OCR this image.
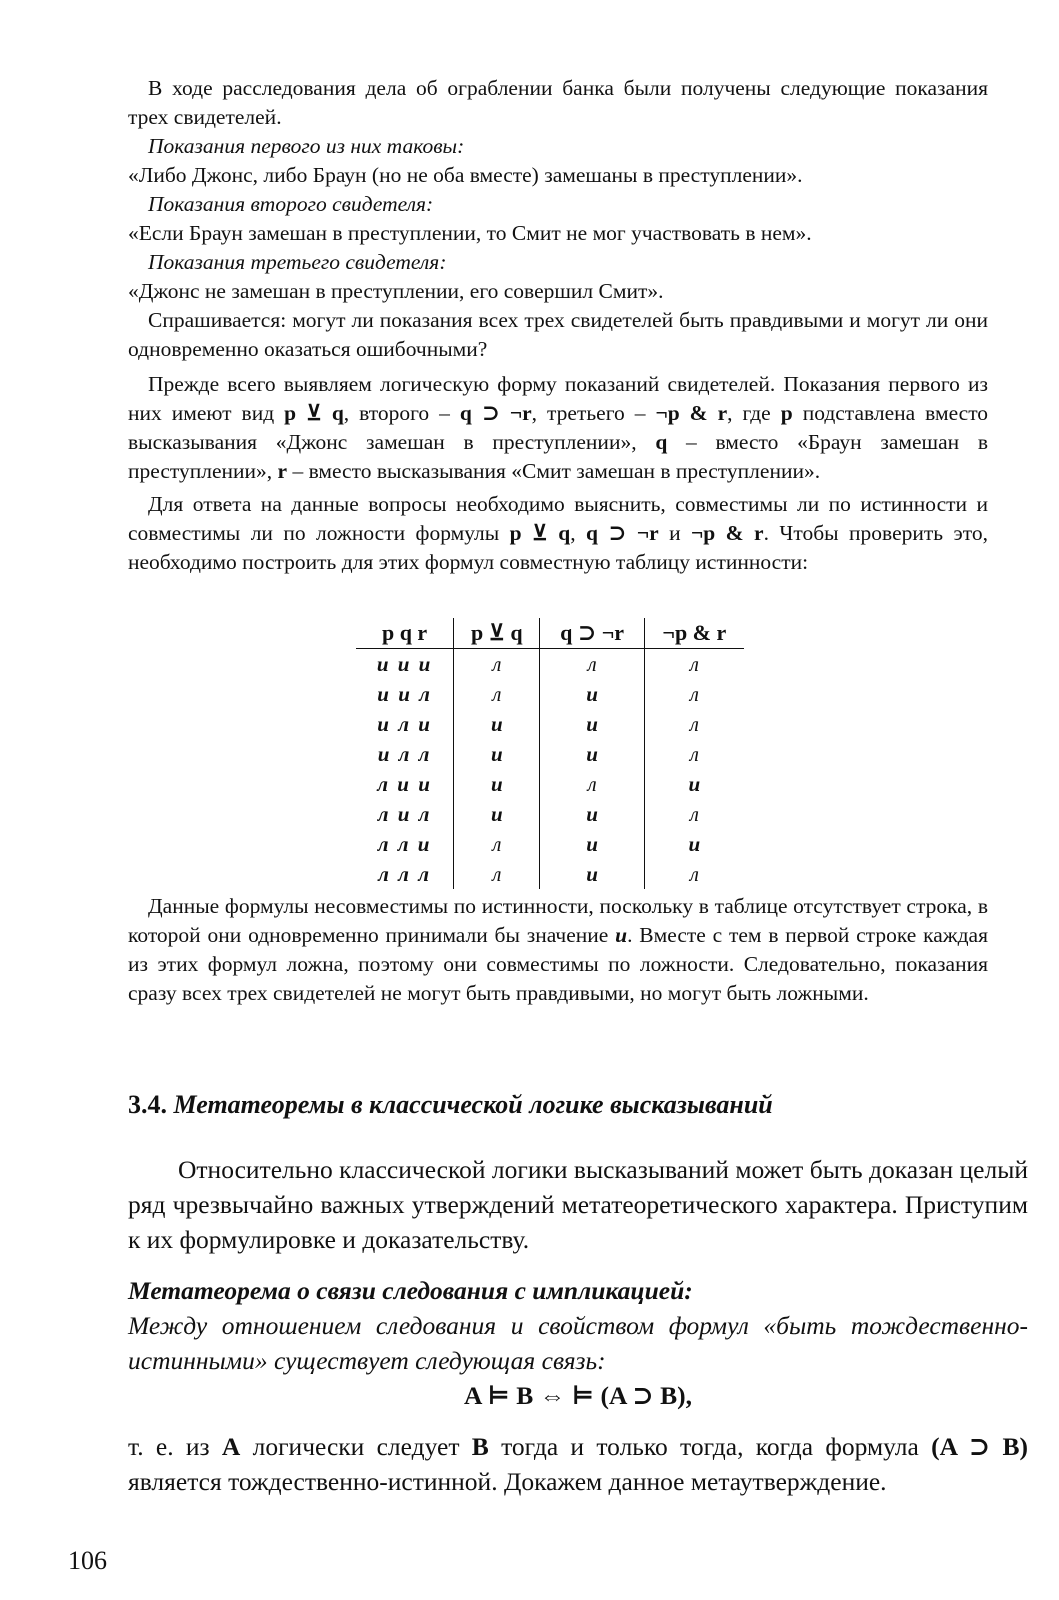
В ходе расследования дела об ограблении банка были получены следующие показания трех свидетелей.

Показания первого из них таковы:

«Либо Джонс, либо Браун (но не оба вместе) замешаны в преступлении».

Показания второго свидетеля:

«Если Браун замешан в преступлении, то Смит не мог участвовать в нем».

Показания третьего свидетеля:

«Джонс не замешан в преступлении, его совершил Смит».

Спрашивается: могут ли показания всех трех свидетелей быть правдивыми и могут ли они одновременно оказаться ошибочными?

Прежде всего выявляем логическую форму показаний свидетелей. Показания первого из них имеют вид p ⊻ q, второго – q ⊃ ¬r, третьего – ¬p & r, где p подставлена вместо высказывания «Джонс замешан в преступлении», q – вместо «Браун замешан в преступлении», r – вместо высказывания «Смит замешан в преступлении».

Для ответа на данные вопросы необходимо выяснить, совместимы ли по истинности и совместимы ли по ложности формулы p ⊻ q, q ⊃ ¬r и ¬p & r. Чтобы проверить это, необходимо построить для этих формул совместную таблицу истинности:

p q r	p ⊻ q	q ⊃ ¬r	¬p & r
и и и	л	л	л
и и л	л	и	л
и л и	и	и	л
и л л	и	и	л
л и и	и	л	и
л и л	и	и	л
л л и	л	и	и
л л л	л	и	л

Данные формулы несовместимы по истинности, поскольку в таблице отсутствует строка, в которой они одновременно принимали бы значение и. Вместе с тем в первой строке каждая из этих формул ложна, поэтому они совместимы по ложности. Следовательно, показания сразу всех трех свидетелей не могут быть правдивыми, но могут быть ложными.

3.4. Метатеоремы в классической логике высказываний

Относительно классической логики высказываний может быть доказан целый ряд чрезвычайно важных утверждений метатеоретического характера. Приступим к их формулировке и доказательству.

Метатеорема о связи следования с импликацией:

Между отношением следования и свойством формул «быть тождественно-истинными» существует следующая связь:

A ⊨ B ⇔ ⊨ (A ⊃ B),

т. е. из A логически следует B тогда и только тогда, когда формула (A ⊃ B) является тождественно-истинной. Докажем данное метаутверждение.

106
